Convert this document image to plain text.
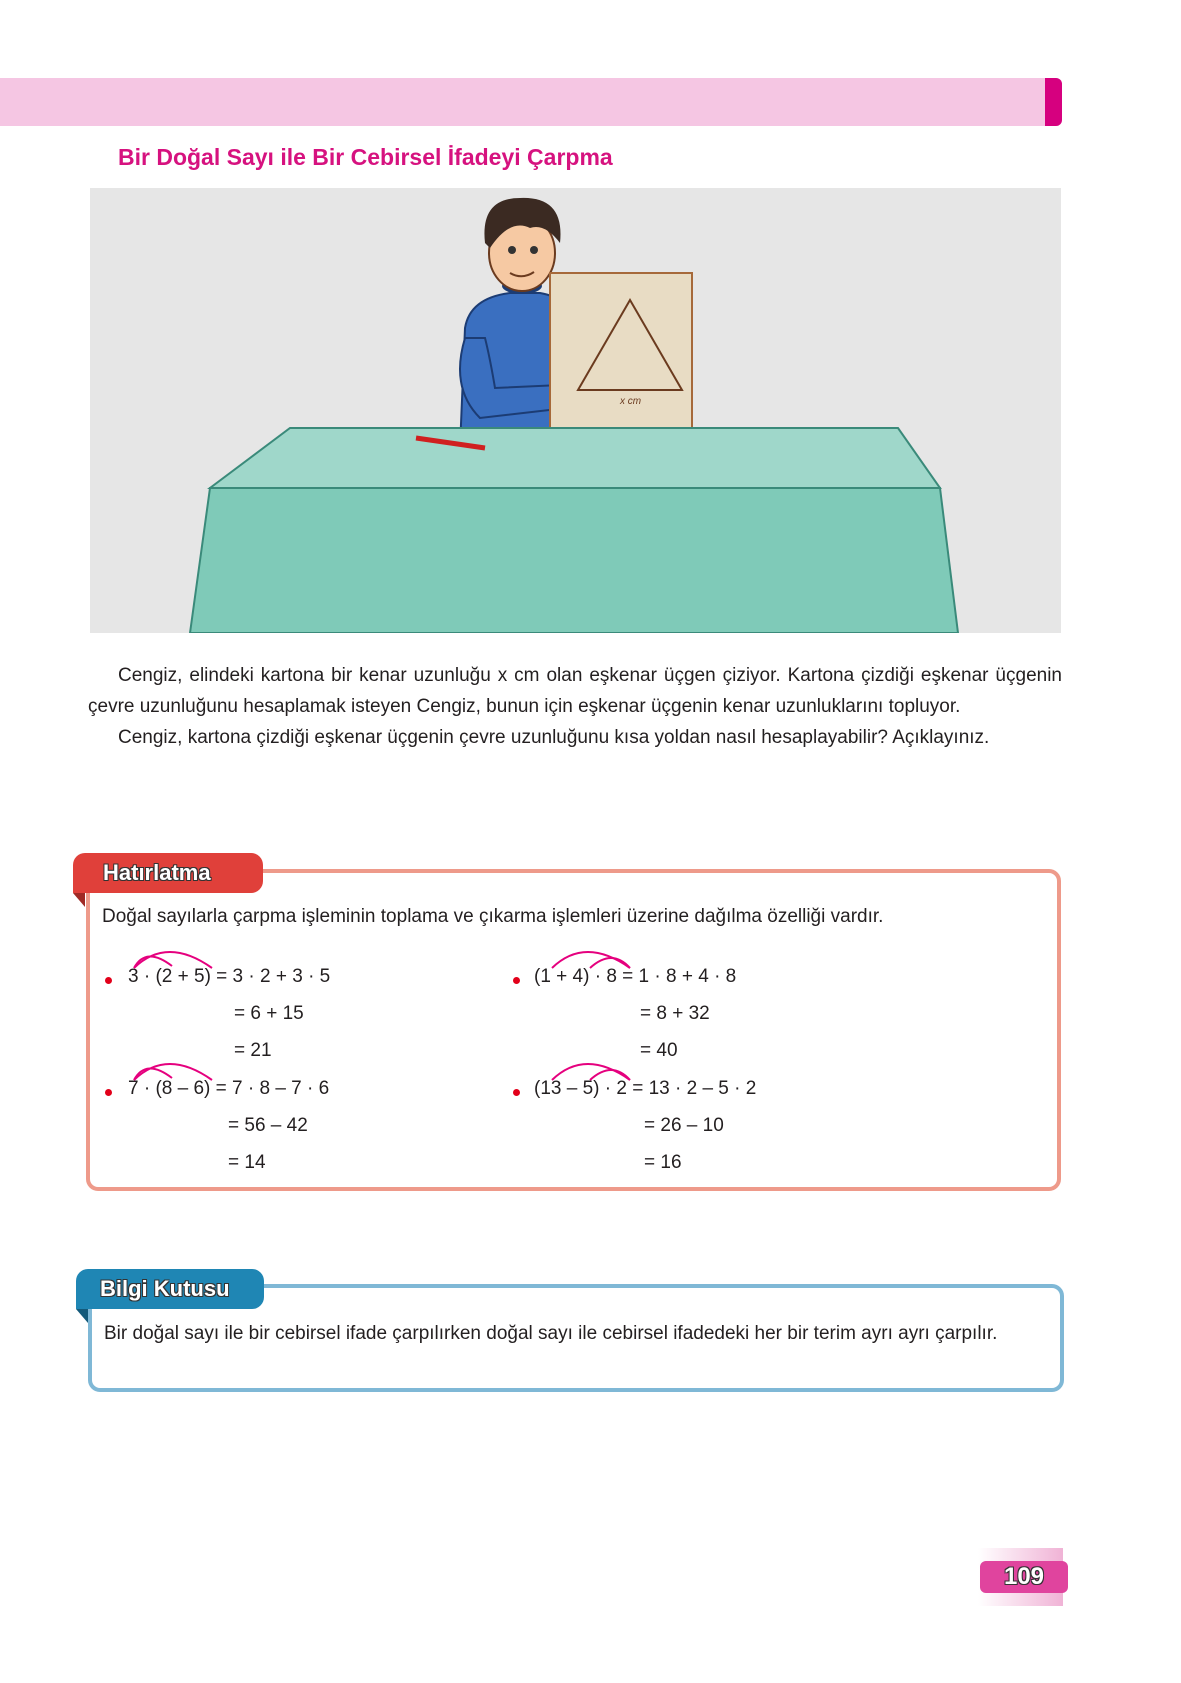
Bir Doğal Sayı ile Bir Cebirsel İfadeyi Çarpma
x cm

Cengiz, elindeki kartona bir kenar uzunluğu x cm olan eşkenar üçgen çiziyor. Kartona çizdiği eşkenar üçgenin çevre uzunluğunu hesaplamak isteyen Cengiz, bunun için eşkenar üçgenin kenar uzunluklarını topluyor.

Cengiz, kartona çizdiği eşkenar üçgenin çevre uzunluğunu kısa yoldan nasıl hesaplayabilir? Açıklayınız.

Hatırlatma
Doğal sayılarla çarpma işleminin toplama ve çıkarma işlemleri üzerine dağılma özelliği vardır.
3 · (2 + 5) = 3 · 2 + 3 · 5
= 6 + 15
= 21
(1 + 4) · 8 = 1 · 8 + 4 · 8
= 8 + 32
= 40
7 · (8 – 6) = 7 · 8 – 7 · 6
= 56 – 42
= 14
(13 – 5) · 2 = 13 · 2 – 5 · 2
= 26 – 10
= 16
Bilgi Kutusu
Bir doğal sayı ile bir cebirsel ifade çarpılırken doğal sayı ile cebirsel ifadedeki her bir terim ayrı ayrı çarpılır.
109
